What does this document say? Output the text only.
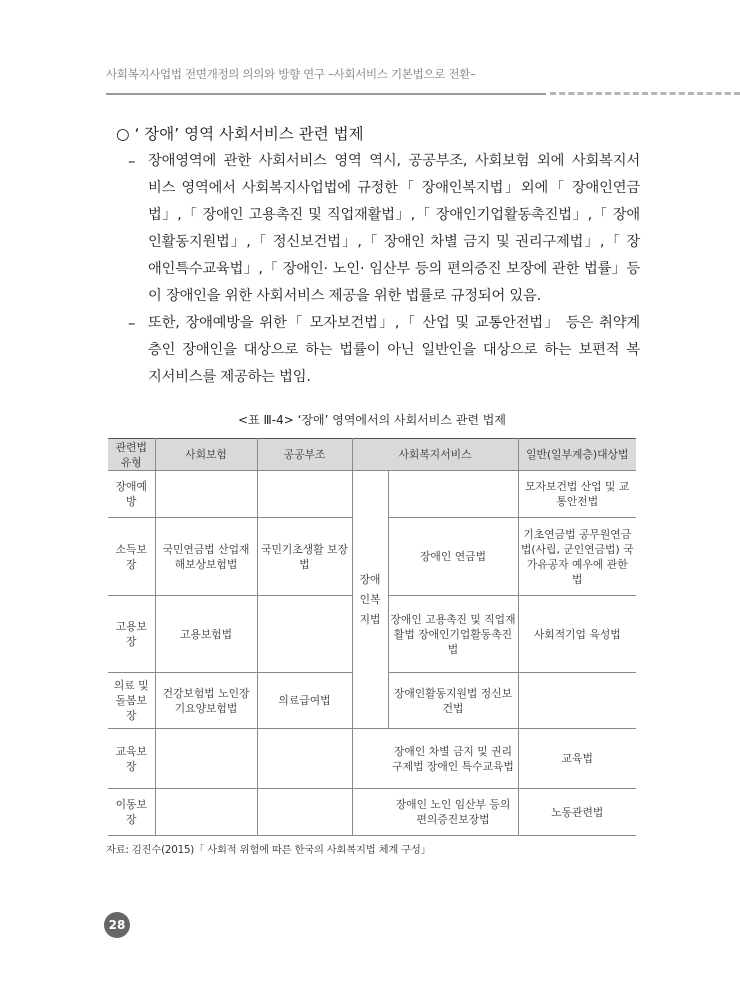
사회복지사업법 전면개정의 의의와 방향 연구 –사회서비스 기본법으로 전환–
○ ‘ 장애’ 영역 사회서비스 관련 법제
– 장애영역에 관한 사회서비스 영역 역시, 공공부조, 사회보험 외에 사회복지서
비스 영역에서 사회복지사업법에 규정한「 장애인복지법」외에「 장애인연금
법」,「 장애인 고용촉진 및 직업재활법」,「 장애인기업활동촉진법」,「 장애
인활동지원법」,「 정신보건법」,「 장애인 차별 금지 및 권리구제법」,「 장
애인특수교육법」,「 장애인· 노인· 임산부 등의 편의증진 보장에 관한 법률」등
이 장애인을 위한 사회서비스 제공을 위한 법률로 규정되어 있음.
– 또한, 장애예방을 위한「 모자보건법」,「 산업 및 교통안전법」 등은 취약계
층인 장애인을 대상으로 하는 법률이 아닌 일반인을 대상으로 하는 보편적 복
지서비스를 제공하는 법임.
<표 Ⅲ-4> ‘장애’ 영역에서의 사회서비스 관련 법제
관련법 유형	사회보험	공공부조	사회복지서비스		일반(일부계층)대상법
장애예 방			장애 인복 지법		모자보건법 산업 및 교통안전법
소득보 장	국민연금법 산업재해보상보험법	국민기초생활 보장법		장애인 연금법	기초연금법 공무원연금법(사립, 군인연금법) 국가유공자 예우에 관한 법
고용보 장	고용보험법			장애인 고용촉진 및 직업재활법 장애인기업활동촉진법	사회적기업 육성법
의료 및 돌봄보 장	건강보험법 노인장기요양보험법	의료급여법		장애인활동지원법 정신보건법	
교육보 장			장애인 차별 금지 및 권리구제법 장애인 특수교육법		교육법
이동보 장			장애인 노인 임산부 등의 편의증진보장법		노동관련법
자료: 김진수(2015)「 사회적 위험에 따른 한국의 사회복지법 체계 구성」
28
